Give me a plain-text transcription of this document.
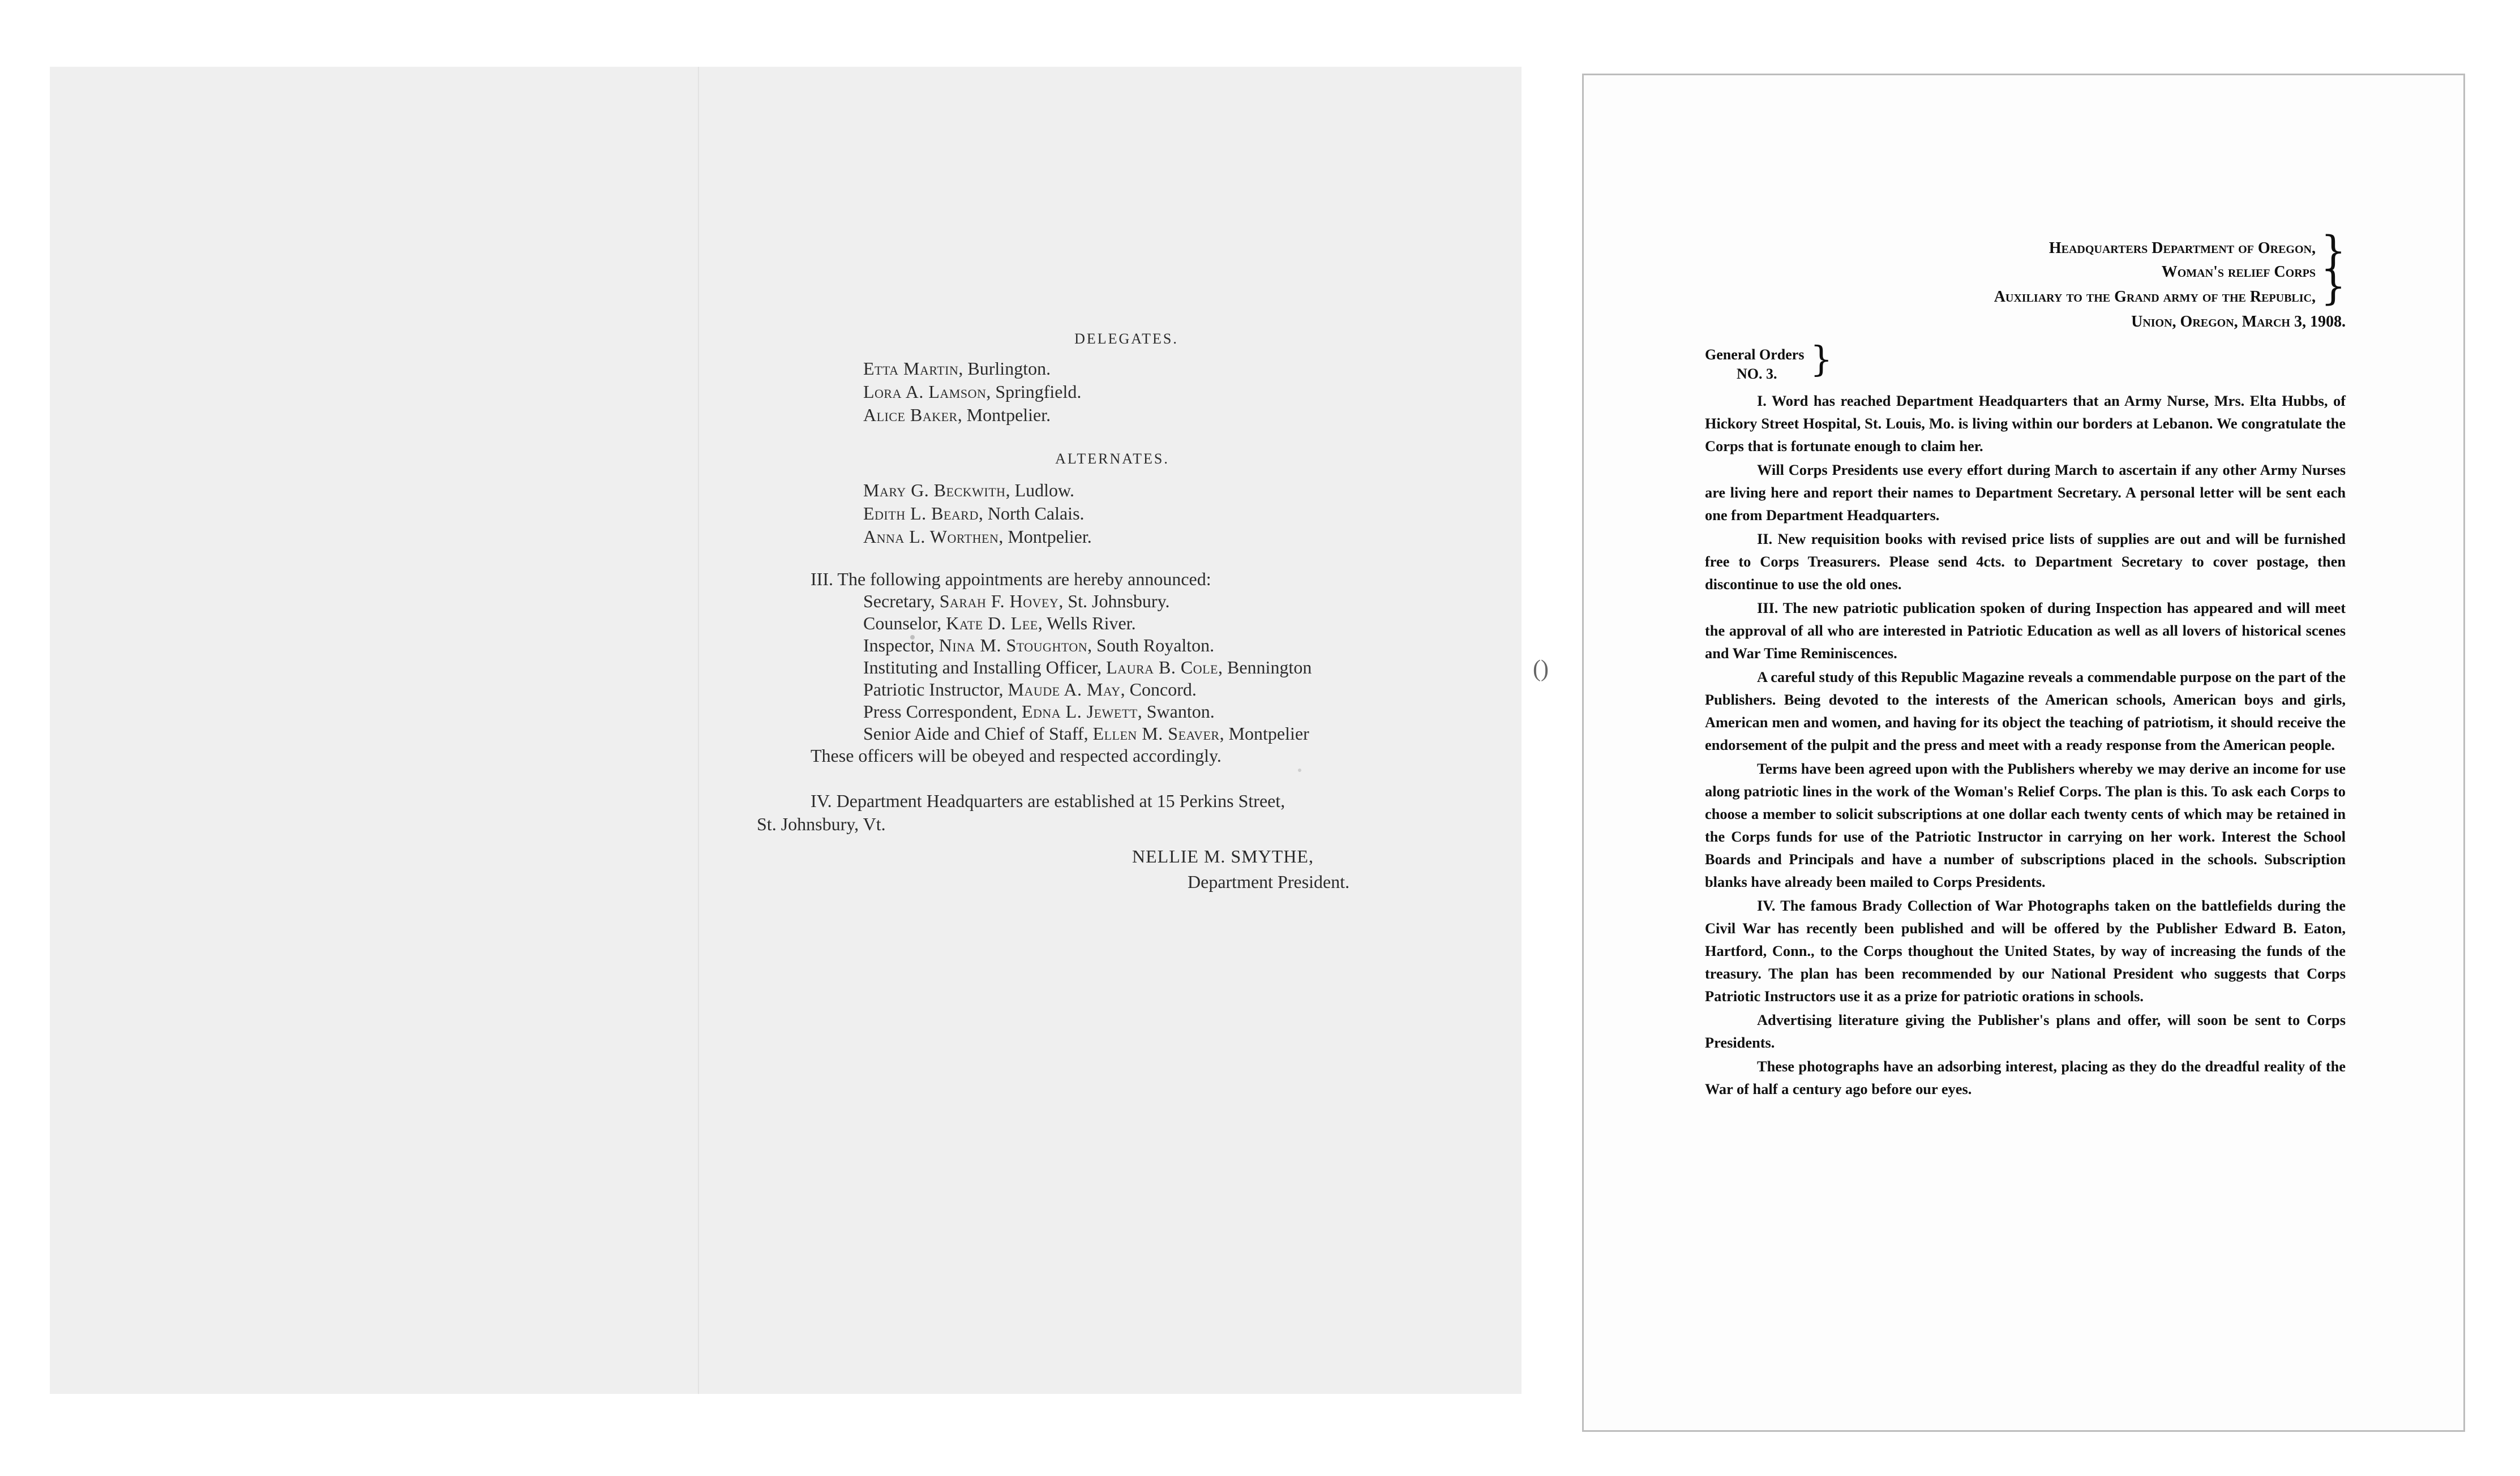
()
DELEGATES.
Etta Martin, Burlington.
Lora A. Lamson, Springfield.
Alice Baker, Montpelier.
ALTERNATES.
Mary G. Beckwith, Ludlow.
Edith L. Beard, North Calais.
Anna L. Worthen, Montpelier.
III. The following appointments are hereby announced:
Secretary, Sarah F. Hovey, St. Johnsbury.
Counselor, Kate D. Lee, Wells River.
Inspector, Nina M. Stoughton, South Royalton.
Instituting and Installing Officer, Laura B. Cole, Bennington
Patriotic Instructor, Maude A. May, Concord.
Press Correspondent, Edna L. Jewett, Swanton.
Senior Aide and Chief of Staff, Ellen M. Seaver, Montpelier
These officers will be obeyed and respected accordingly.
IV. Department Headquarters are established at 15 Perkins Street,
St. Johnsbury, Vt.
NELLIE M. SMYTHE,
Department President.
Headquarters Department of Oregon,
Woman's relief Corps
Auxiliary to the Grand army of the Republic,
}
}
Union, Oregon, March 3, 1908.
General Orders
NO. 3. }

I. Word has reached Department Headquarters that an Army Nurse, Mrs. Elta Hubbs, of Hickory Street Hospital, St. Louis, Mo. is living within our borders at Lebanon. We congratulate the Corps that is fortunate enough to claim her.

Will Corps Presidents use every effort during March to ascertain if any other Army Nurses are living here and report their names to Department Secretary. A personal letter will be sent each one from Department Headquarters.

II. New requisition books with revised price lists of supplies are out and will be furnished free to Corps Treasurers. Please send 4cts. to Department Secretary to cover postage, then discontinue to use the old ones.

III. The new patriotic publication spoken of during Inspection has appeared and will meet the approval of all who are interested in Patriotic Education as well as all lovers of historical scenes and War Time Reminiscences.

A careful study of this Republic Magazine reveals a commendable purpose on the part of the Publishers. Being devoted to the interests of the American schools, American boys and girls, American men and women, and having for its object the teaching of patriotism, it should receive the endorsement of the pulpit and the press and meet with a ready response from the American people.

Terms have been agreed upon with the Publishers whereby we may derive an income for use along patriotic lines in the work of the Woman's Relief Corps. The plan is this. To ask each Corps to choose a member to solicit subscriptions at one dollar each twenty cents of which may be retained in the Corps funds for use of the Patriotic Instructor in carrying on her work. Interest the School Boards and Principals and have a number of subscriptions placed in the schools. Subscription blanks have already been mailed to Corps Presidents.

IV. The famous Brady Collection of War Photographs taken on the battlefields during the Civil War has recently been published and will be offered by the Publisher Edward B. Eaton, Hartford, Conn., to the Corps thoughout the United States, by way of increasing the funds of the treasury. The plan has been recommended by our National President who suggests that Corps Patriotic Instructors use it as a prize for patriotic orations in schools.

Advertising literature giving the Publisher's plans and offer, will soon be sent to Corps Presidents.

These photographs have an adsorbing interest, placing as they do the dreadful reality of the War of half a century ago before our eyes.
